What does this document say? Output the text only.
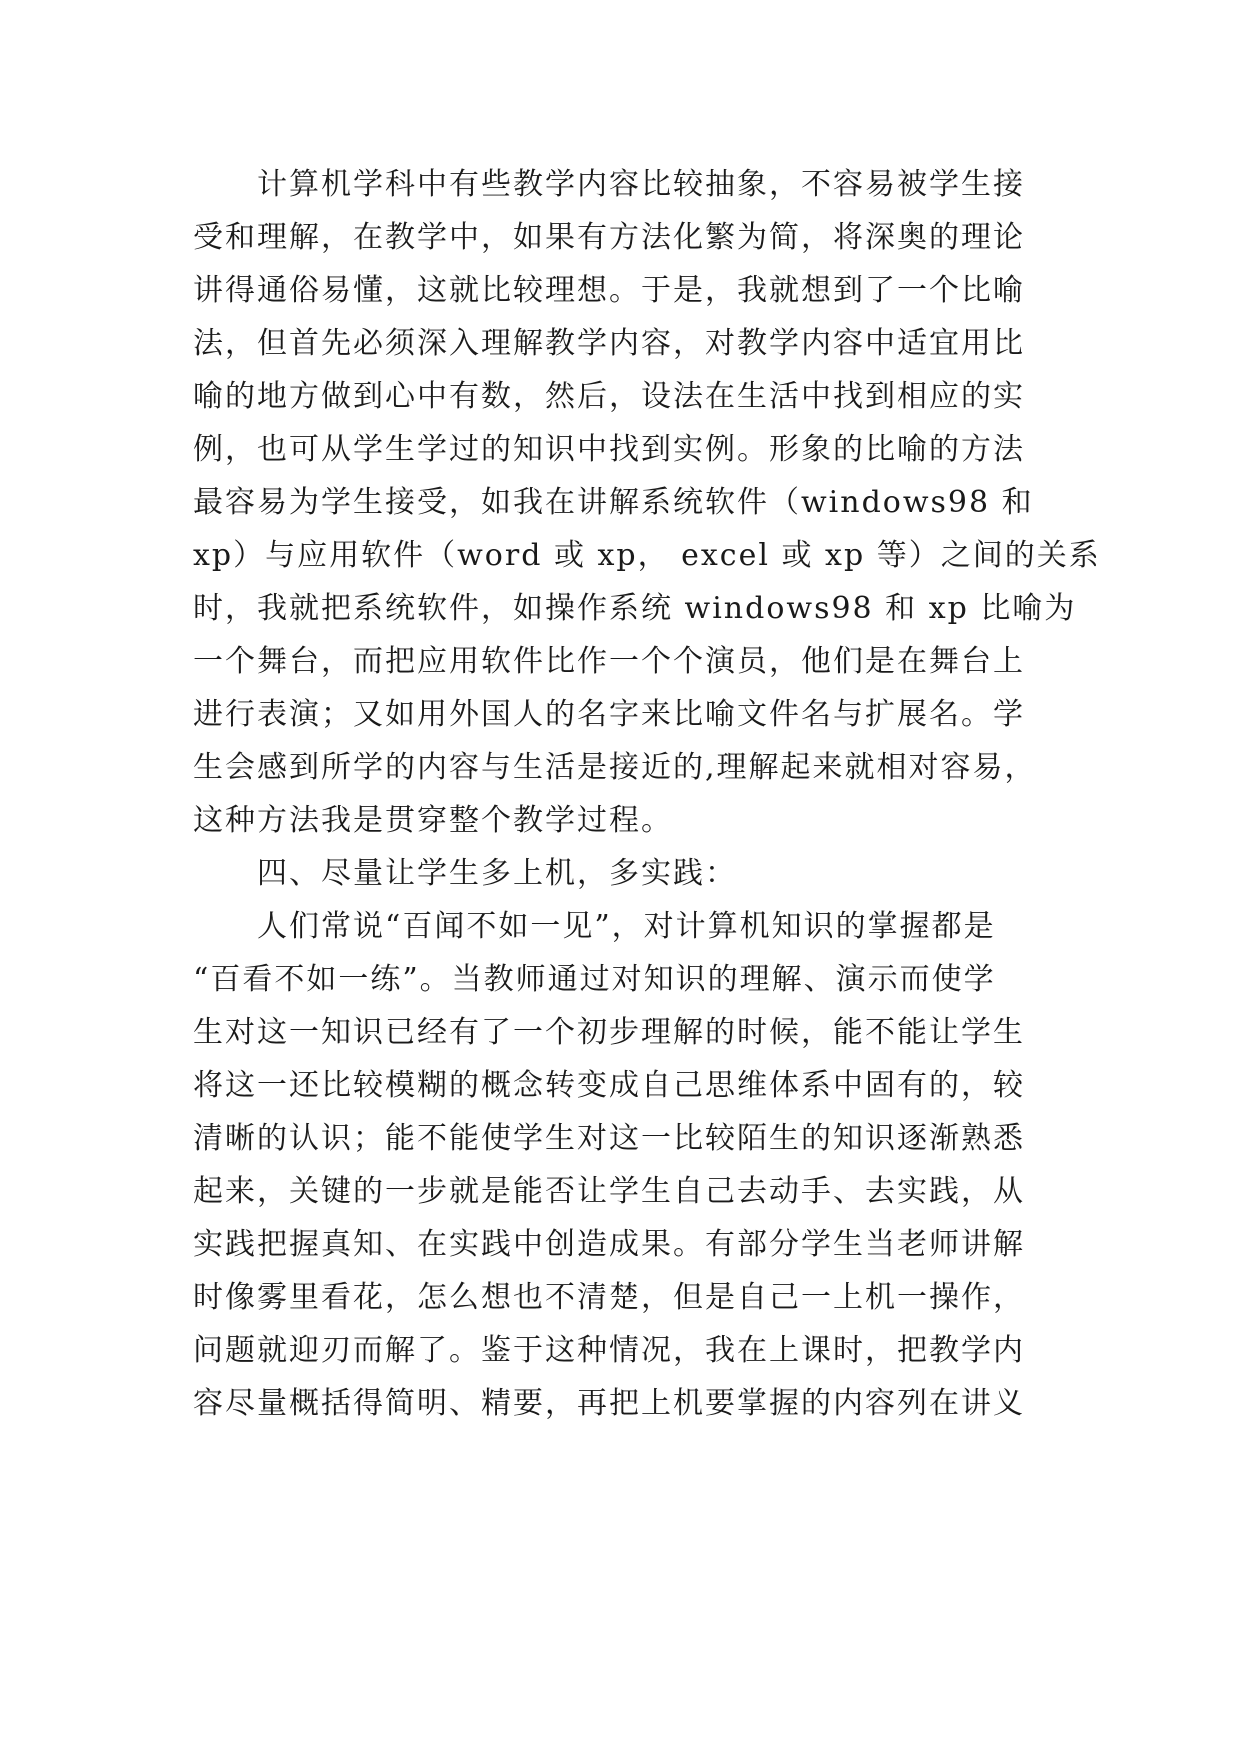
计算机学科中有些教学内容比较抽象，不容易被学生接
受和理解，在教学中，如果有方法化繁为简，将深奥的理论
讲得通俗易懂，这就比较理想。于是，我就想到了一个比喻
法，但首先必须深入理解教学内容，对教学内容中适宜用比
喻的地方做到心中有数，然后，设法在生活中找到相应的实
例，也可从学生学过的知识中找到实例。形象的比喻的方法
最容易为学生接受，如我在讲解系统软件（windows98 和
xp）与应用软件（word 或 xp， excel 或 xp 等）之间的关系
时，我就把系统软件，如操作系统 windows98 和 xp 比喻为
一个舞台，而把应用软件比作一个个演员，他们是在舞台上
进行表演；又如用外国人的名字来比喻文件名与扩展名。学
生会感到所学的内容与生活是接近的,理解起来就相对容易，
这种方法我是贯穿整个教学过程。
四、尽量让学生多上机，多实践：
人们常说“百闻不如一见”，对计算机知识的掌握都是
“百看不如一练”。当教师通过对知识的理解、演示而使学
生对这一知识已经有了一个初步理解的时候，能不能让学生
将这一还比较模糊的概念转变成自己思维体系中固有的，较
清晰的认识；能不能使学生对这一比较陌生的知识逐渐熟悉
起来，关键的一步就是能否让学生自己去动手、去实践，从
实践把握真知、在实践中创造成果。有部分学生当老师讲解
时像雾里看花，怎么想也不清楚，但是自己一上机一操作，
问题就迎刃而解了。鉴于这种情况，我在上课时，把教学内
容尽量概括得简明、精要，再把上机要掌握的内容列在讲义
